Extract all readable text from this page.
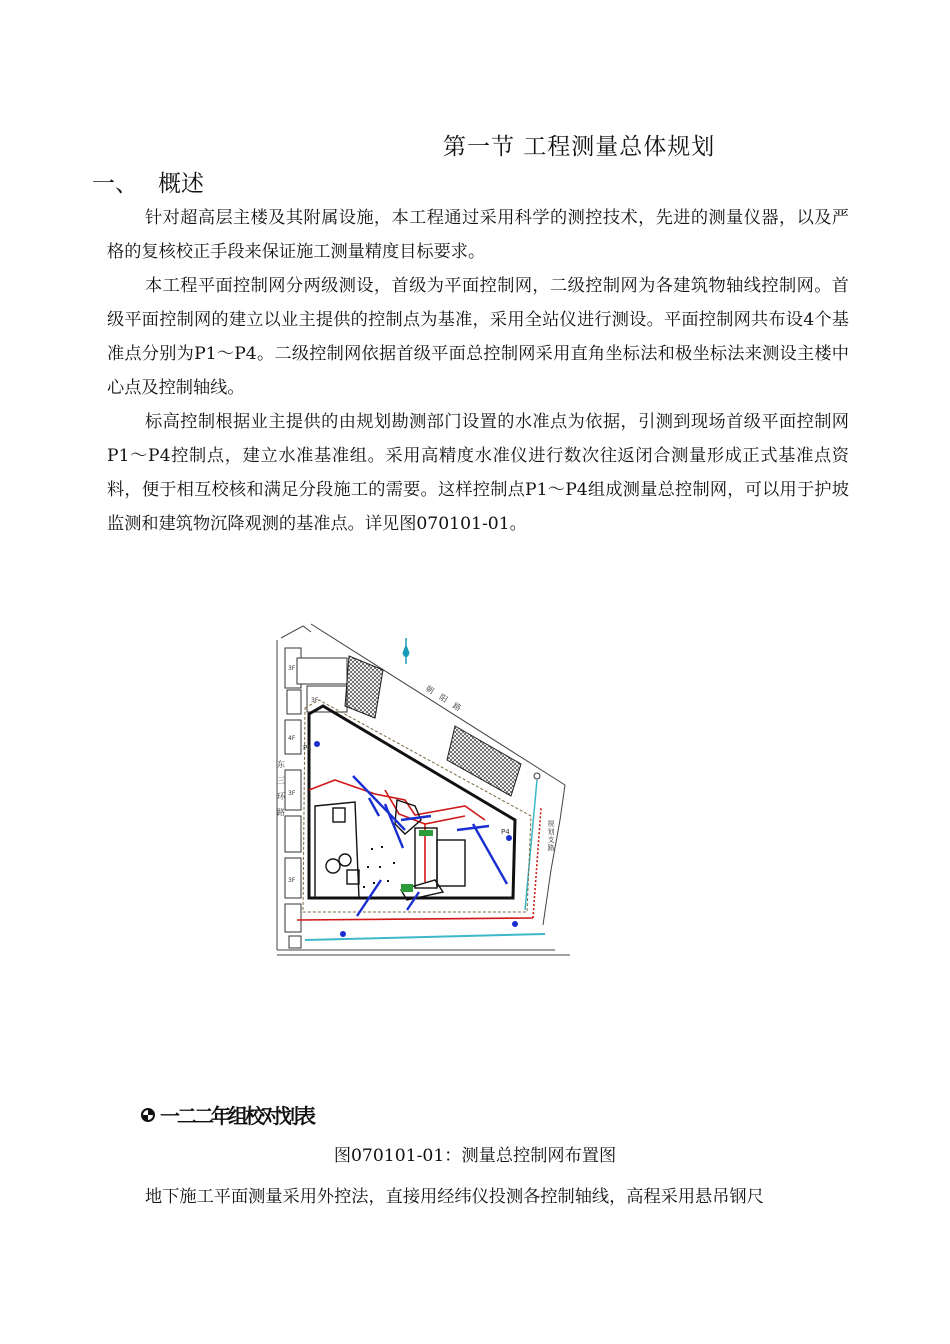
第一节 工程测量总体规划
一、 概述

针对超高层主楼及其附属设施，本工程通过采用科学的测控技术，先进的测量仪器，以及严格的复核校正手段来保证施工测量精度目标要求。

本工程平面控制网分两级测设，首级为平面控制网，二级控制网为各建筑物轴线控制网。首级平面控制网的建立以业主提供的控制点为基准，采用全站仪进行测设。平面控制网共布设4个基准点分别为P1～P4。二级控制网依据首级平面总控制网采用直角坐标法和极坐标法来测设主楼中心点及控制轴线。

标高控制根据业主提供的由规划勘测部门设置的水准点为依据，引测到现场首级平面控制网P1～P4控制点，建立水准基准组。采用高精度水准仪进行数次往返闭合测量形成正式基准点资料，便于相互校核和满足分段施工的需要。这样控制点P1～P4组成测量总控制网，可以用于护坡监测和建筑物沉降观测的基准点。详见图070101-01。

3F
3F
4F
3F
3F
P1
P4
朝阳路
东三环路
规划支路
一二二年组校对划表
图070101-01：测量总控制网布置图

地下施工平面测量采用外控法，直接用经纬仪投测各控制轴线，高程采用悬吊钢尺
